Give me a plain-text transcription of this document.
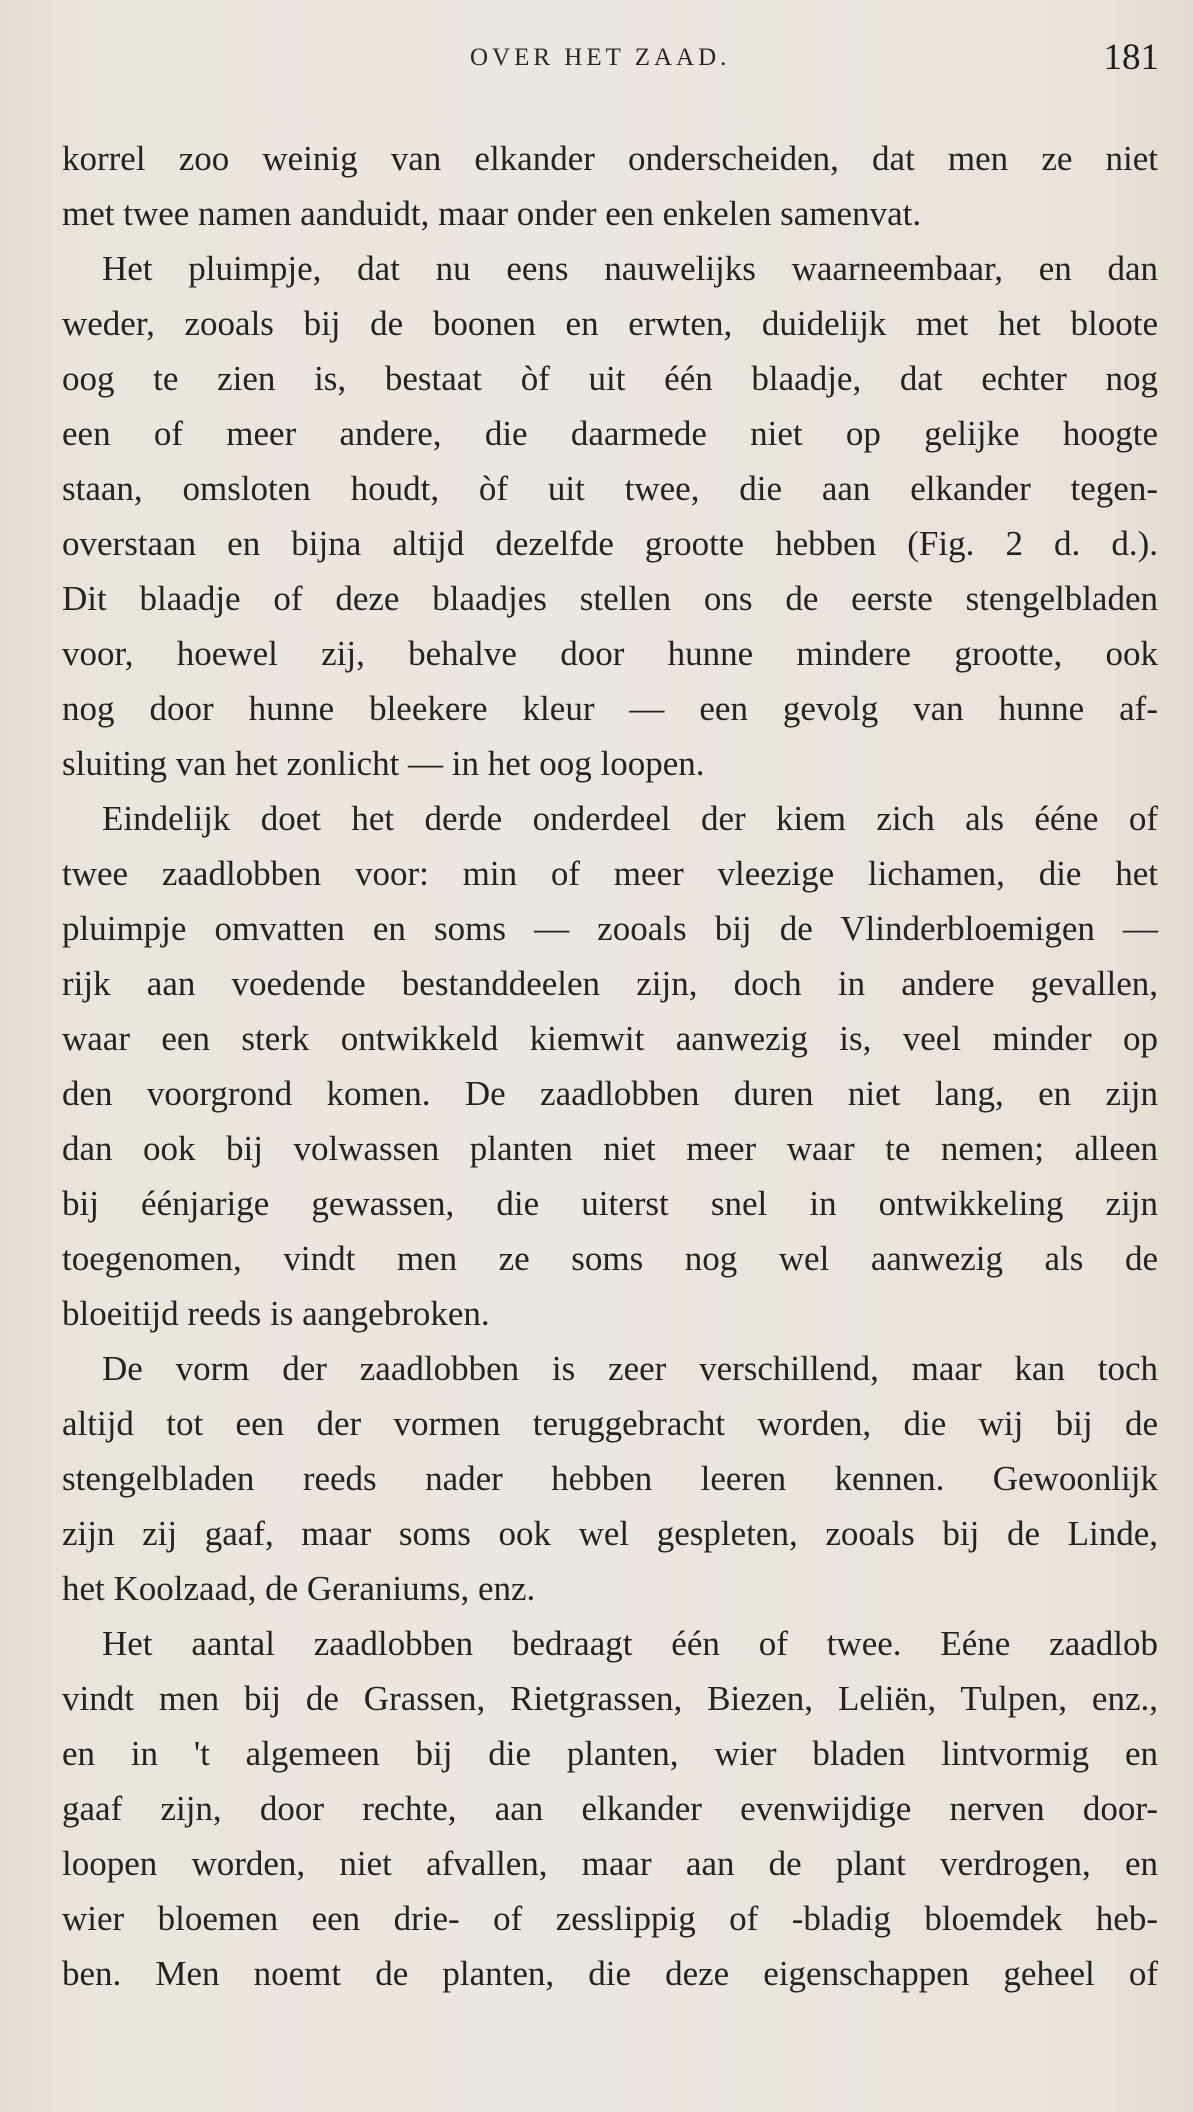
OVER HET ZAAD.	181
korrel zoo weinig van elkander onderscheiden, dat men ze niet
met twee namen aanduidt, maar onder een enkelen samenvat.
Het pluimpje, dat nu eens nauwelijks waarneembaar, en dan
weder, zooals bij de boonen en erwten, duidelijk met het bloote
oog te zien is, bestaat òf uit één blaadje, dat echter nog
een of meer andere, die daarmede niet op gelijke hoogte
staan, omsloten houdt, òf uit twee, die aan elkander tegen-
overstaan en bijna altijd dezelfde grootte hebben (Fig. 2 d. d.).
Dit blaadje of deze blaadjes stellen ons de eerste stengelbladen
voor, hoewel zij, behalve door hunne mindere grootte, ook
nog door hunne bleekere kleur — een gevolg van hunne af-
sluiting van het zonlicht — in het oog loopen.
Eindelijk doet het derde onderdeel der kiem zich als ééne of
twee zaadlobben voor: min of meer vleezige lichamen, die het
pluimpje omvatten en soms — zooals bij de Vlinderbloemigen —
rijk aan voedende bestanddeelen zijn, doch in andere gevallen,
waar een sterk ontwikkeld kiemwit aanwezig is, veel minder op
den voorgrond komen. De zaadlobben duren niet lang, en zijn
dan ook bij volwassen planten niet meer waar te nemen; alleen
bij éénjarige gewassen, die uiterst snel in ontwikkeling zijn
toegenomen, vindt men ze soms nog wel aanwezig als de
bloeitijd reeds is aangebroken.
De vorm der zaadlobben is zeer verschillend, maar kan toch
altijd tot een der vormen teruggebracht worden, die wij bij de
stengelbladen reeds nader hebben leeren kennen. Gewoonlijk
zijn zij gaaf, maar soms ook wel gespleten, zooals bij de Linde,
het Koolzaad, de Geraniums, enz.
Het aantal zaadlobben bedraagt één of twee. Eéne zaadlob
vindt men bij de Grassen, Rietgrassen, Biezen, Leliën, Tulpen, enz.,
en in 't algemeen bij die planten, wier bladen lintvormig en
gaaf zijn, door rechte, aan elkander evenwijdige nerven door-
loopen worden, niet afvallen, maar aan de plant verdrogen, en
wier bloemen een drie- of zesslippig of -bladig bloemdek heb-
ben. Men noemt de planten, die deze eigenschappen geheel of
